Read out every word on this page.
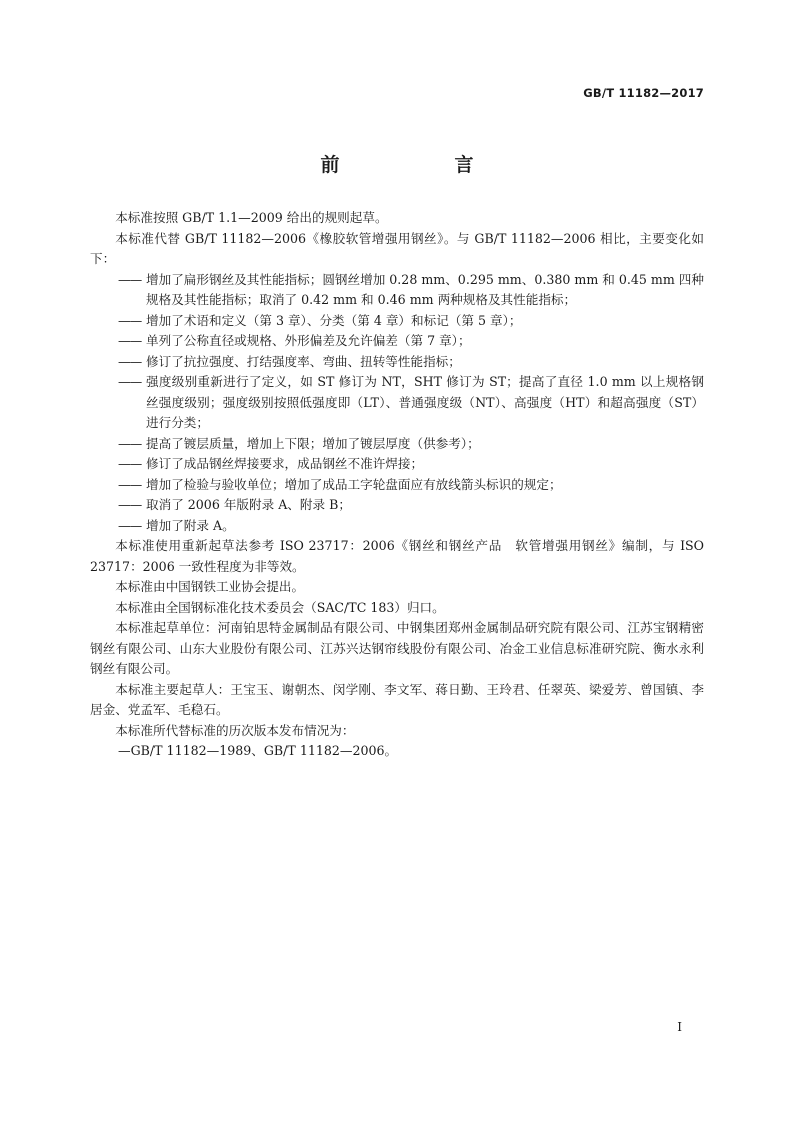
GB/T 11182—2017
前　言
本标准按照 GB/T 1.1—2009 给出的规则起草。
本标准代替 GB/T 11182—2006《橡胶软管增强用钢丝》。与 GB/T 11182—2006 相比，主要变化如下：
—— 增加了扁形钢丝及其性能指标；圆钢丝增加 0.28 mm、0.295 mm、0.380 mm 和 0.45 mm 四种规格及其性能指标；取消了 0.42 mm 和 0.46 mm 两种规格及其性能指标；
—— 增加了术语和定义（第 3 章）、分类（第 4 章）和标记（第 5 章）；
—— 单列了公称直径或规格、外形偏差及允许偏差（第 7 章）；
—— 修订了抗拉强度、打结强度率、弯曲、扭转等性能指标；
—— 强度级别重新进行了定义，如 ST 修订为 NT，SHT 修订为 ST；提高了直径 1.0 mm 以上规格钢丝强度级别；强度级别按照低强度即（LT）、普通强度级（NT）、高强度（HT）和超高强度（ST）进行分类；
—— 提高了镀层质量，增加上下限；增加了镀层厚度（供参考）；
—— 修订了成品钢丝焊接要求，成品钢丝不准许焊接；
—— 增加了检验与验收单位；增加了成品工字轮盘面应有放线箭头标识的规定；
—— 取消了 2006 年版附录 A、附录 B；
—— 增加了附录 A。
本标准使用重新起草法参考 ISO 23717：2006《钢丝和钢丝产品　软管增强用钢丝》编制，与 ISO 23717：2006 一致性程度为非等效。
本标准由中国钢铁工业协会提出。
本标准由全国钢标准化技术委员会（SAC/TC 183）归口。
本标准起草单位：河南铂思特金属制品有限公司、中钢集团郑州金属制品研究院有限公司、江苏宝钢精密钢丝有限公司、山东大业股份有限公司、江苏兴达钢帘线股份有限公司、冶金工业信息标准研究院、衡水永利钢丝有限公司。
本标准主要起草人：王宝玉、谢朝杰、闵学刚、李文军、蒋日勤、王玲君、任翠英、梁爱芳、曾国镇、李居金、党孟军、毛稳石。
本标准所代替标准的历次版本发布情况为：
—GB/T 11182—1989、GB/T 11182—2006。
I
